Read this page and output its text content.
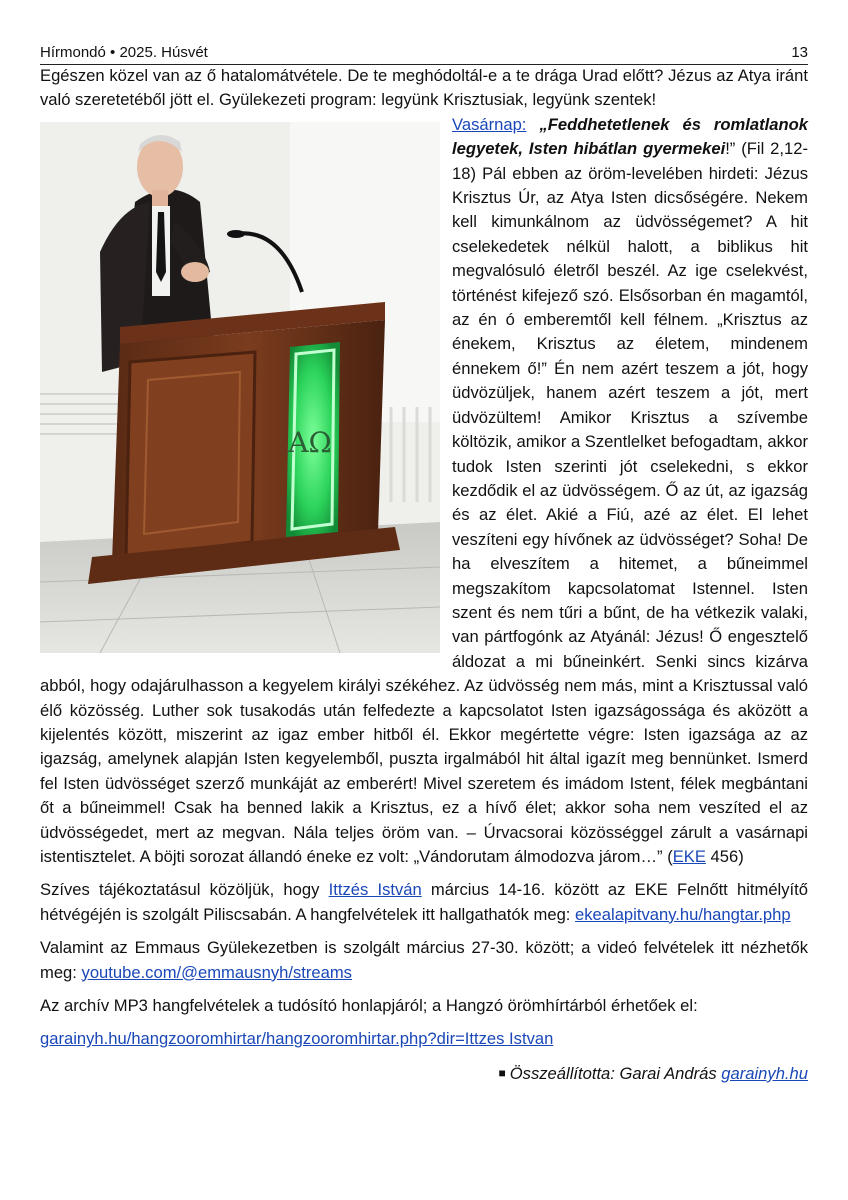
Hírmondó • 2025. Húsvét	13

Egészen közel van az ő hatalomátvétele. De te meghódoltál-e a te drága Urad előtt? Jézus az Atya iránt való szeretetéből jött el. Gyülekezeti program: legyünk Krisztusiak, legyünk szentek!

AΩ

Vasárnap: „Feddhetetlenek és romlatlanok legyetek, Isten hibátlan gyermekei!” (Fil 2,12-18) Pál ebben az öröm-levelében hirdeti: Jézus Krisztus Úr, az Atya Isten dicsőségére. Nekem kell kimunkálnom az üdvösségemet? A hit cselekedetek nélkül halott, a biblikus hit megvalósuló életről beszél. Az ige cselekvést, történést kifejező szó. Elsősorban én magamtól, az én ó emberemtől kell félnem. „Krisztus az énekem, Krisztus az életem, mindenem énnekem ő!” Én nem azért teszem a jót, hogy üdvözüljek, hanem azért teszem a jót, mert üdvözültem! Amikor Krisztus a szívembe költözik, amikor a Szentlelket befogadtam, akkor tudok Isten szerinti jót cselekedni, s ekkor kezdődik el az üdvösségem. Ő az út, az igazság és az élet. Akié a Fiú, azé az élet. El lehet veszíteni egy hívőnek az üdvösséget? Soha! De ha elveszítem a hitemet, a bűneimmel megszakítom kapcsolatomat Istennel. Isten szent és nem tűri a bűnt, de ha vétkezik valaki, van pártfogónk az Atyánál: Jézus! Ő engesztelő áldozat a mi bűneinkért. Senki sincs kizárva abból, hogy odajárulhasson a kegyelem királyi székéhez. Az üdvösség nem más, mint a Krisztussal való élő közösség. Luther sok tusakodás után felfedezte a kapcsolatot Isten igazságossága és aközött a kijelentés között, miszerint az igaz ember hitből él. Ekkor megértette végre: Isten igazsága az az igazság, amelynek alapján Isten kegyelemből, puszta irgalmából hit által igazít meg bennünket. Ismerd fel Isten üdvösséget szerző munkáját az emberért! Mivel szeretem és imádom Istent, félek megbántani őt a bűneimmel! Csak ha benned lakik a Krisztus, ez a hívő élet; akkor soha nem veszíted el az üdvösségedet, mert az megvan. Nála teljes öröm van. – Úrvacsorai közösséggel zárult a vasárnapi istentisztelet. A böjti sorozat állandó éneke ez volt: „Vándorutam álmodozva járom…” (EKE 456)

Szíves tájékoztatásul közöljük, hogy Ittzés István március 14-16. között az EKE Felnőtt hitmélyítő hétvégéjén is szolgált Piliscsabán. A hangfelvételek itt hallgathatók meg: ekealapitvany.hu/hangtar.php

Valamint az Emmaus Gyülekezetben is szolgált március 27-30. között; a videó felvételek itt nézhetők meg: youtube.com/@emmausnyh/streams

Az archív MP3 hangfelvételek a tudósító honlapjáról; a Hangzó örömhírtárból érhetőek el:

garainyh.hu/hangzooromhirtar/hangzooromhirtar.php?dir=Ittzes Istvan

■ Összeállította: Garai András garainyh.hu
